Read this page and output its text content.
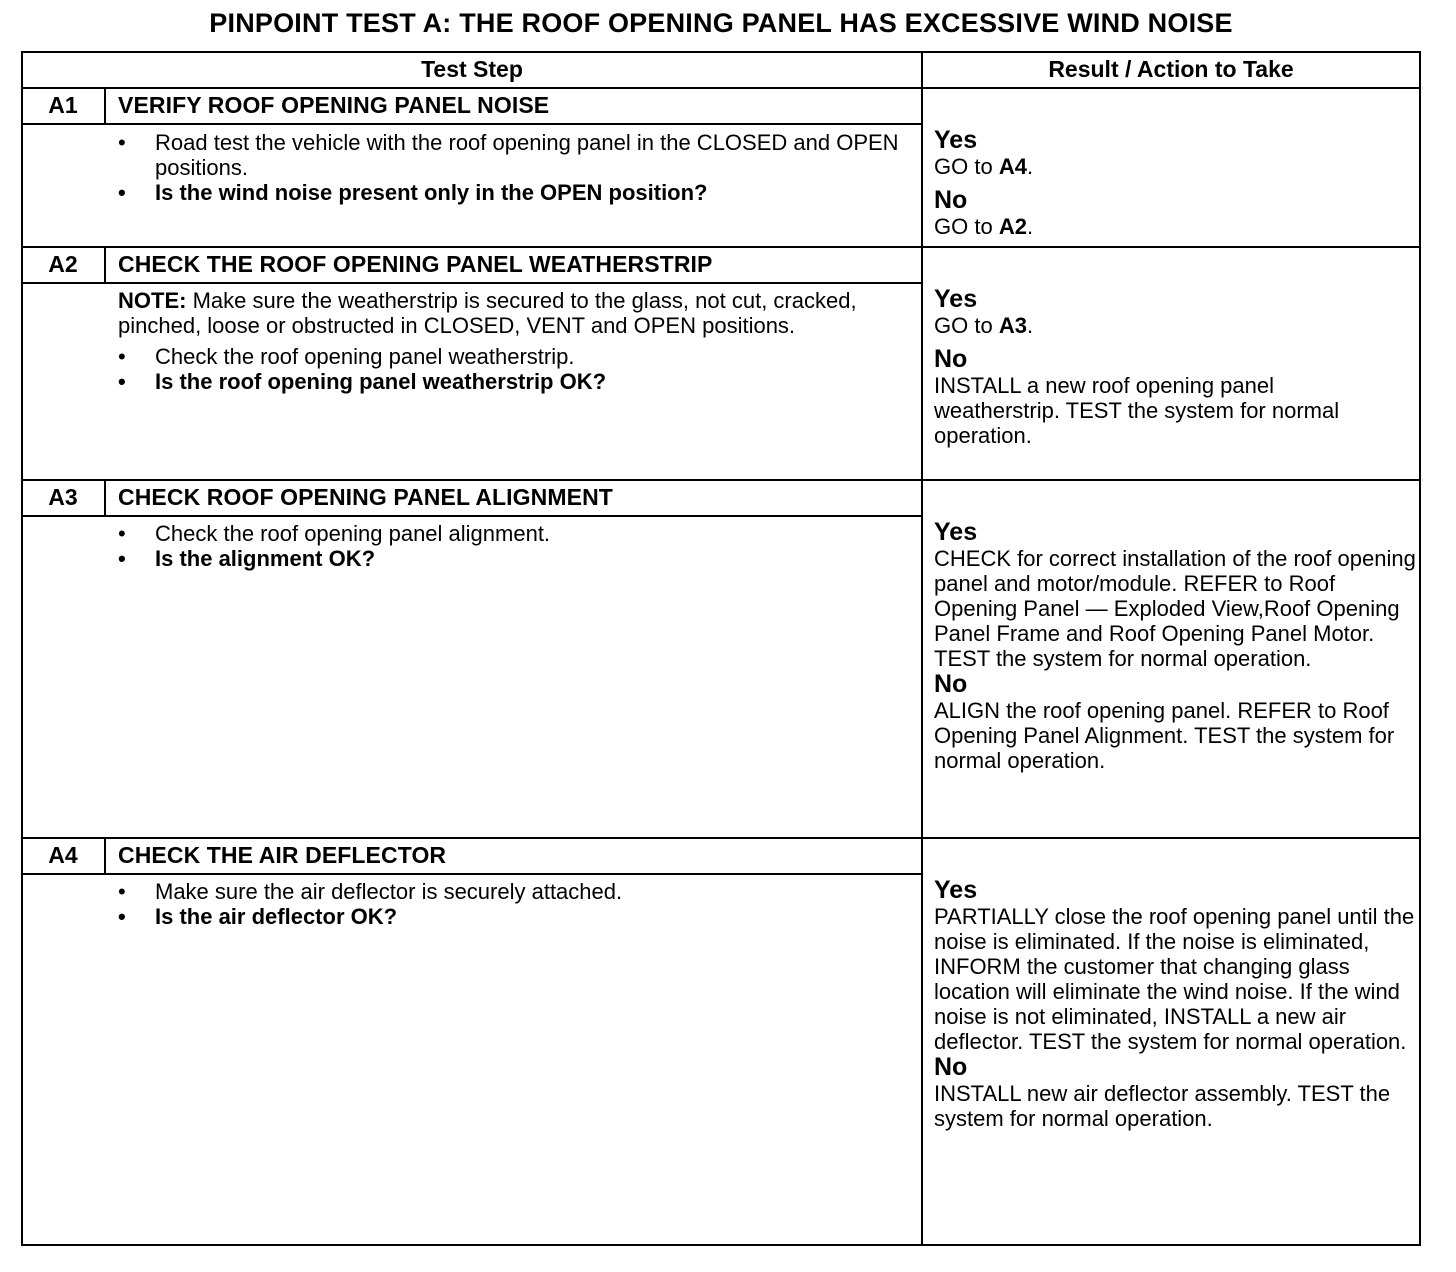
PINPOINT TEST A: THE ROOF OPENING PANEL HAS EXCESSIVE WIND NOISE
Test Step	Result / Action to Take
A1	VERIFY ROOF OPENING PANEL NOISE
• Road test the vehicle with the roof opening panel in the CLOSED and OPEN positions.
• Is the wind noise present only in the OPEN position?
Yes
GO to A4.
No
GO to A2.
A2	CHECK THE ROOF OPENING PANEL WEATHERSTRIP
NOTE: Make sure the weatherstrip is secured to the glass, not cut, cracked, pinched, loose or obstructed in CLOSED, VENT and OPEN positions.
• Check the roof opening panel weatherstrip.
• Is the roof opening panel weatherstrip OK?
Yes
GO to A3.
No
INSTALL a new roof opening panel weatherstrip. TEST the system for normal operation.
A3	CHECK ROOF OPENING PANEL ALIGNMENT
• Check the roof opening panel alignment.
• Is the alignment OK?
Yes
CHECK for correct installation of the roof opening panel and motor/module. REFER to Roof Opening Panel — Exploded View,Roof Opening Panel Frame and Roof Opening Panel Motor. TEST the system for normal operation.
No
ALIGN the roof opening panel. REFER to Roof Opening Panel Alignment. TEST the system for normal operation.
A4	CHECK THE AIR DEFLECTOR
• Make sure the air deflector is securely attached.
• Is the air deflector OK?
Yes
PARTIALLY close the roof opening panel until the noise is eliminated. If the noise is eliminated, INFORM the customer that changing glass location will eliminate the wind noise. If the wind noise is not eliminated, INSTALL a new air deflector. TEST the system for normal operation.
No
INSTALL new air deflector assembly. TEST the system for normal operation.
